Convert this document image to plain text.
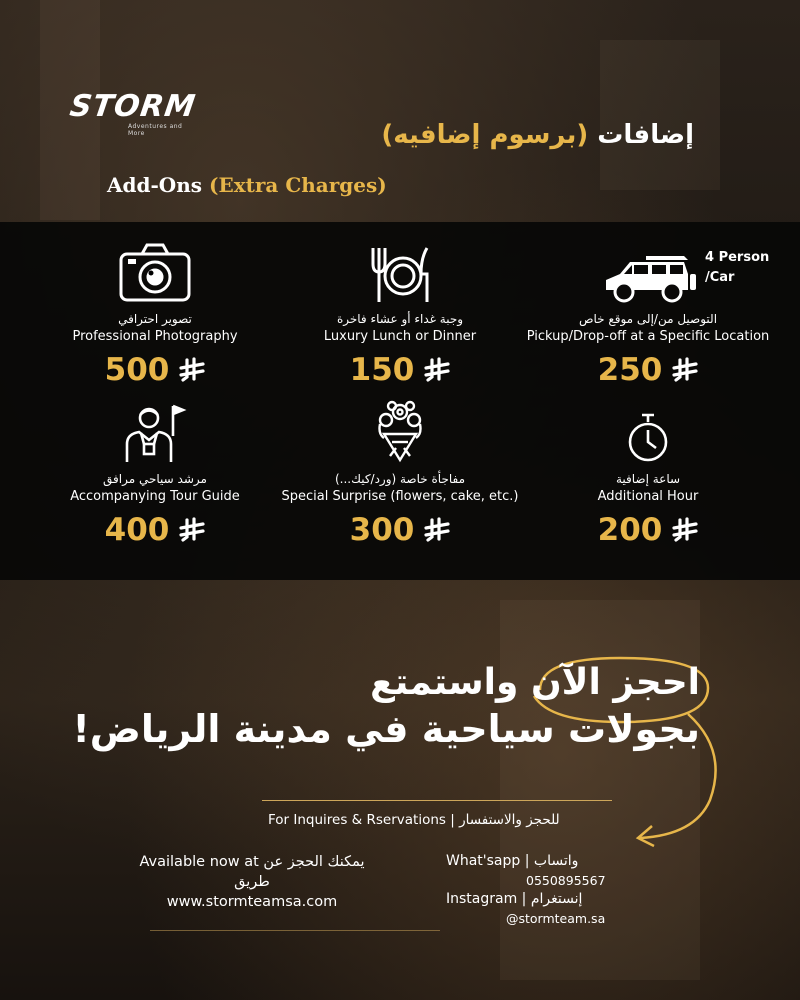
STORM
Adventures and More	إضافات (برسوم إضافيه)
Add-Ons (Extra Charges)
تصوير احترافي
Professional Photography
500
وجبة غداء أو عشاء فاخرة
Luxury Lunch or Dinner
150
التوصيل من/إلى موقع خاص
Pickup/Drop-off at a Specific Location
250
4 Person
/Car
مرشد سياحي مرافق
Accompanying Tour Guide
400
مفاجأة خاصة (ورد/كيك...)
Special Surprise (flowers, cake, etc.)
300
ساعة إضافية
Additional Hour
200
احجز الآن واستمتع
بجولات سياحية في مدينة الرياض!
For Inquires & Rservations | للحجز والاستفسار
Available now at يمكنك الحجز عن طريق
www.stormteamsa.com
What'sapp | واتساب
0550895567
Instagram | إنستغرام
@stormteam.sa
